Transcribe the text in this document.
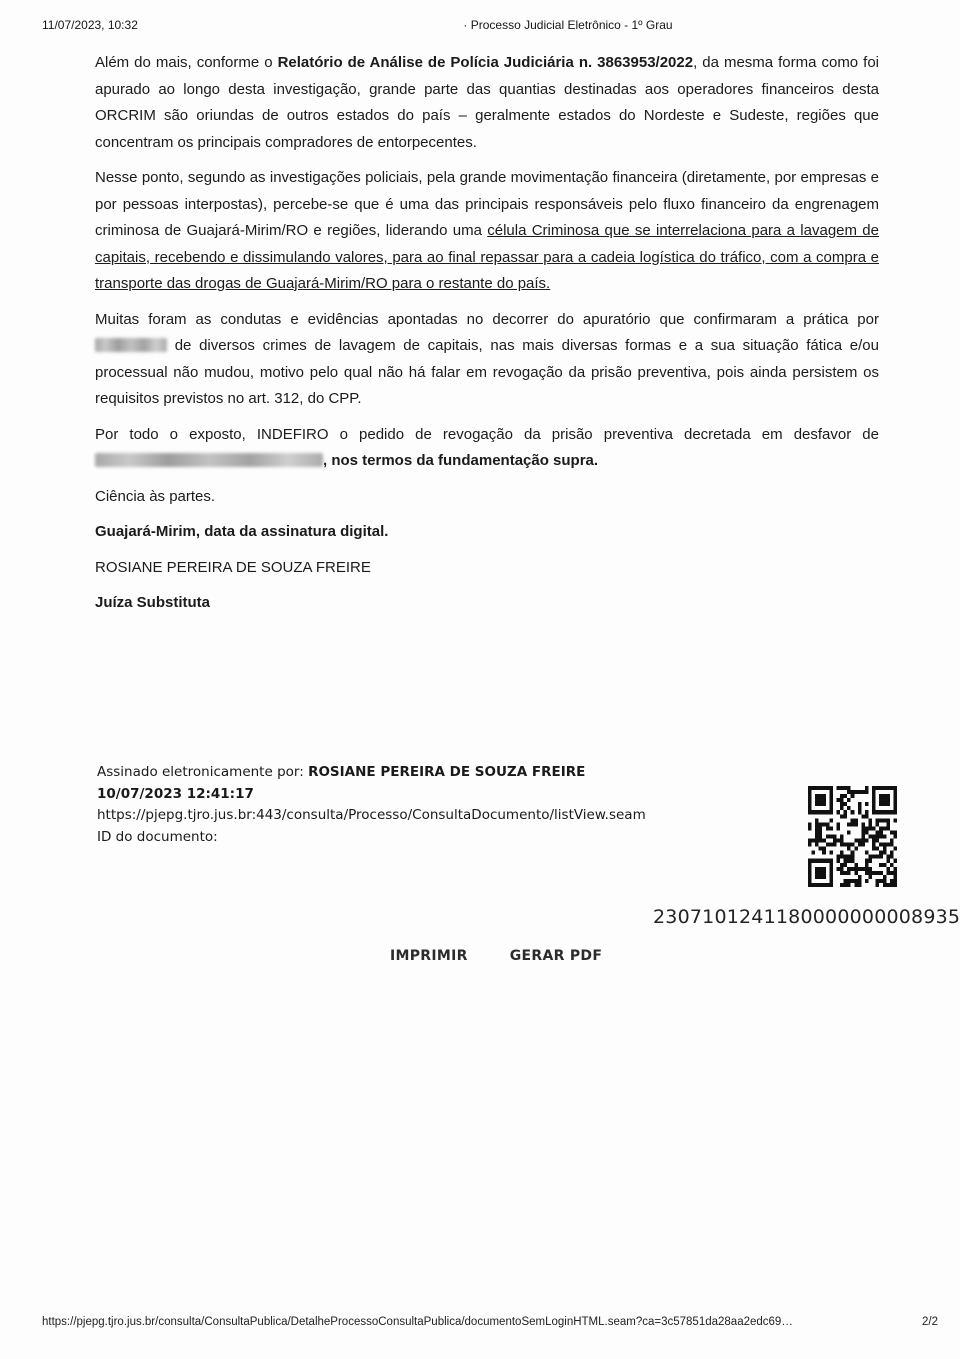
11/07/2023, 10:32	· Processo Judicial Eletrônico - 1º Grau

Além do mais, conforme o Relatório de Análise de Polícia Judiciária n. 3863953/2022, da mesma forma como foi apurado ao longo desta investigação, grande parte das quantias destinadas aos operadores financeiros desta ORCRIM são oriundas de outros estados do país – geralmente estados do Nordeste e Sudeste, regiões que concentram os principais compradores de entorpecentes.

Nesse ponto, segundo as investigações policiais, pela grande movimentação financeira (diretamente, por empresas e por pessoas interpostas), percebe-se que é uma das principais responsáveis pelo fluxo financeiro da engrenagem criminosa de Guajará-Mirim/RO e regiões, liderando uma célula Criminosa que se interrelaciona para a lavagem de capitais, recebendo e dissimulando valores, para ao final repassar para a cadeia logística do tráfico, com a compra e transporte das drogas de Guajará-Mirim/RO para o restante do país.

Muitas foram as condutas e evidências apontadas no decorrer do apuratório que confirmaram a prática por  de diversos crimes de lavagem de capitais, nas mais diversas formas e a sua situação fática e/ou processual não mudou, motivo pelo qual não há falar em revogação da prisão preventiva, pois ainda persistem os requisitos previstos no art. 312, do CPP.

Por todo o exposto, INDEFIRO o pedido de revogação da prisão preventiva decretada em desfavor de , nos termos da fundamentação supra.

Ciência às partes.

Guajará-Mirim, data da assinatura digital.

ROSIANE PEREIRA DE SOUZA FREIRE

Juíza Substituta

Assinado eletronicamente por: ROSIANE PEREIRA DE SOUZA FREIRE
10/07/2023 12:41:17
https://pjepg.tjro.jus.br:443/consulta/Processo/ConsultaDocumento/listView.seam
ID do documento:
2307101241180000000008935
IMPRIMIR	GERAR PDF
https://pjepg.tjro.jus.br/consulta/ConsultaPublica/DetalheProcessoConsultaPublica/documentoSemLoginHTML.seam?ca=3c57851da28aa2edc69…	2/2
